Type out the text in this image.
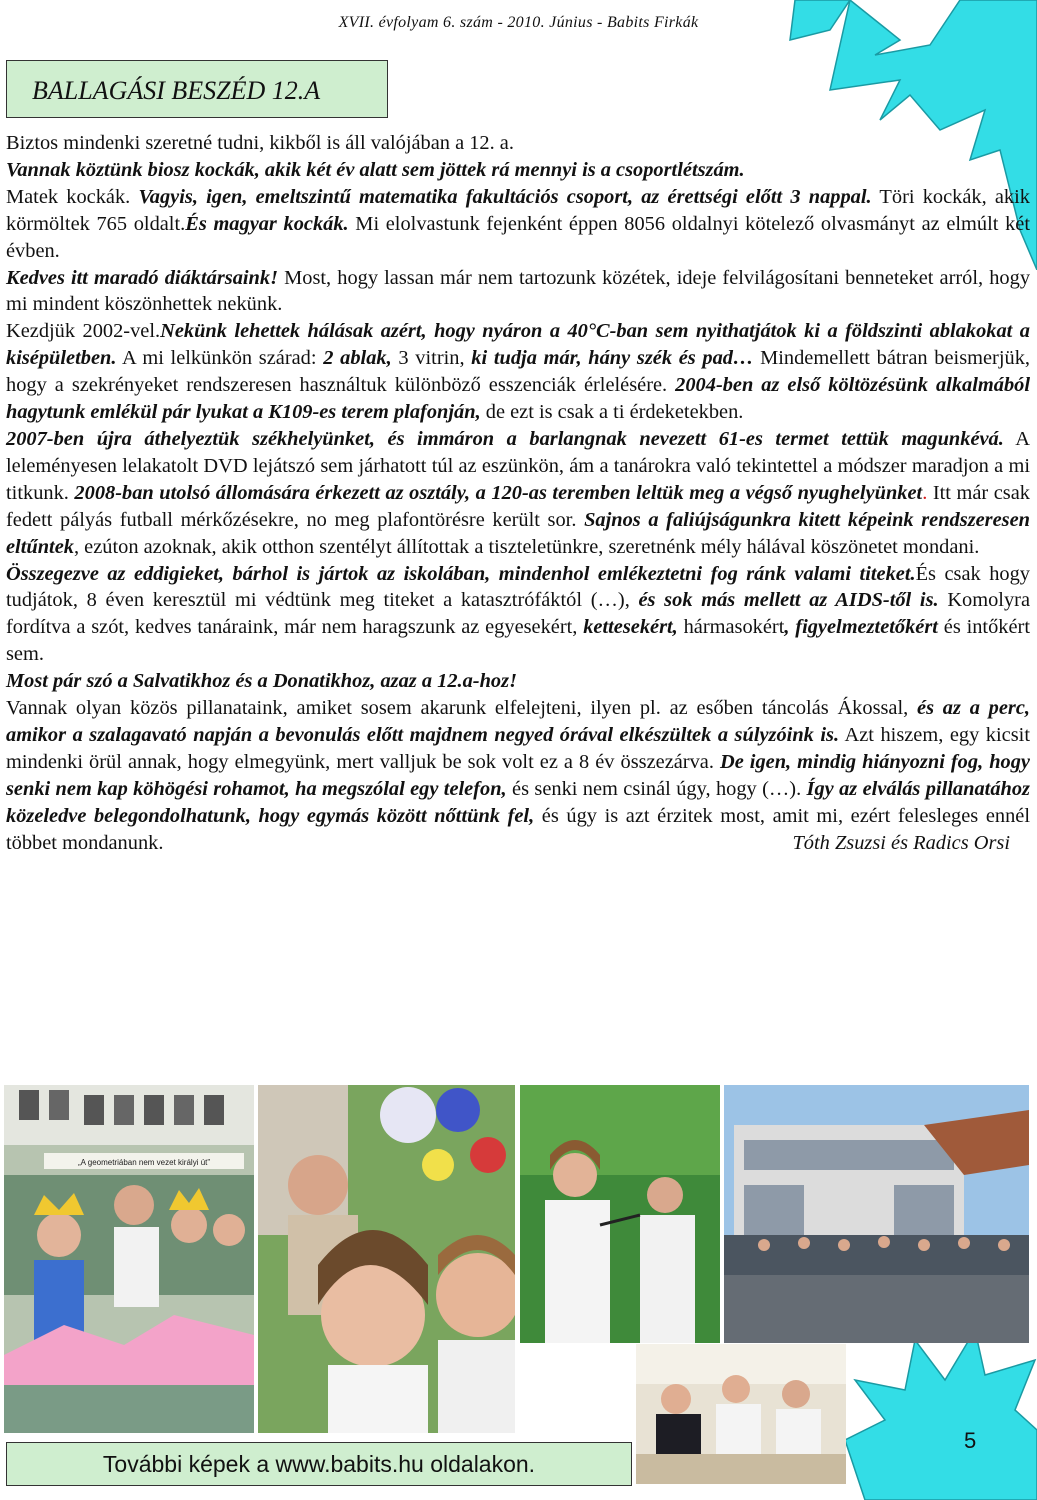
XVII. évfolyam 6. szám - 2010. Június - Babits Firkák
BALLAGÁSI BESZÉD 12.A

Biztos mindenki szeretné tudni, kikből is áll valójában a 12. a.

Vannak köztünk biosz kockák, akik két év alatt sem jöttek rá mennyi is a csoportlétszám.

Matek kockák. Vagyis, igen, emeltszintű matematika fakultációs csoport, az érettségi előtt 3 nappal. Töri kockák, akik körmöltek 765 oldalt.És magyar kockák. Mi elolvastunk fejenként éppen 8056 oldalnyi kötelező olvasmányt az elmúlt két évben.

Kedves itt maradó diáktársaink! Most, hogy lassan már nem tartozunk közétek, ideje felvilágosítani benneteket arról, hogy mi mindent köszönhettek nekünk.

Kezdjük 2002-vel.Nekünk lehettek hálásak azért, hogy nyáron a 40°C-ban sem nyithatjátok ki a földszinti ablakokat a kisépületben. A mi lelkünkön szárad: 2 ablak, 3 vitrin, ki tudja már, hány szék és pad… Mindemellett bátran beismerjük, hogy a szekrényeket rendszeresen használtuk különböző esszenciák érlelésére. 2004-ben az első költözésünk alkalmából hagytunk emlékül pár lyukat a K109-es terem plafonján, de ezt is csak a ti érdeketekben.

2007-ben újra áthelyeztük székhelyünket, és immáron a barlangnak nevezett 61-es termet tettük magunkévá. A leleményesen lelakatolt DVD lejátszó sem járhatott túl az eszünkön, ám a tanárokra való tekintettel a módszer maradjon a mi titkunk. 2008-ban utolsó állomására érkezett az osztály, a 120-as teremben leltük meg a végső nyughelyünket. Itt már csak fedett pályás futball mérkőzésekre, no meg plafontörésre került sor. Sajnos a faliújságunkra kitett képeink rendszeresen eltűntek, ezúton azoknak, akik otthon szentélyt állítottak a tiszteletünkre, szeretnénk mély hálával köszönetet mondani.

Összegezve az eddigieket, bárhol is jártok az iskolában, mindenhol emlékeztetni fog ránk valami titeket.És csak hogy tudjátok, 8 éven keresztül mi védtünk meg titeket a katasztrófáktól (…), és sok más mellett az AIDS-től is. Komolyra fordítva a szót, kedves tanáraink, már nem haragszunk az egyesekért, kettesekért, hármasokért, figyelmeztetőkért és intőkért sem.

Most pár szó a Salvatikhoz és a Donatikhoz, azaz a 12.a-hoz!

Vannak olyan közös pillanataink, amiket sosem akarunk elfelejteni, ilyen pl. az esőben táncolás Ákossal, és az a perc, amikor a szalagavató napján a bevonulás előtt majdnem negyed órával elkészültek a súlyzóink is. Azt hiszem, egy kicsit mindenki örül annak, hogy elmegyünk, mert valljuk be sok volt ez a 8 év összezárva. De igen, mindig hiányozni fog, hogy senki nem kap köhögési rohamot, ha megszólal egy telefon, és senki nem csinál úgy, hogy (…). Így az elválás pillanatához közeledve belegondolhatunk, hogy egymás között nőttünk fel, és úgy is azt érzitek most, amit mi, ezért felesleges ennél többet mondanunk.	Tóth Zsuzsi és Radics Orsi

„A geometriában nem vezet királyi út”
További képek a www.babits.hu oldalakon.
5
